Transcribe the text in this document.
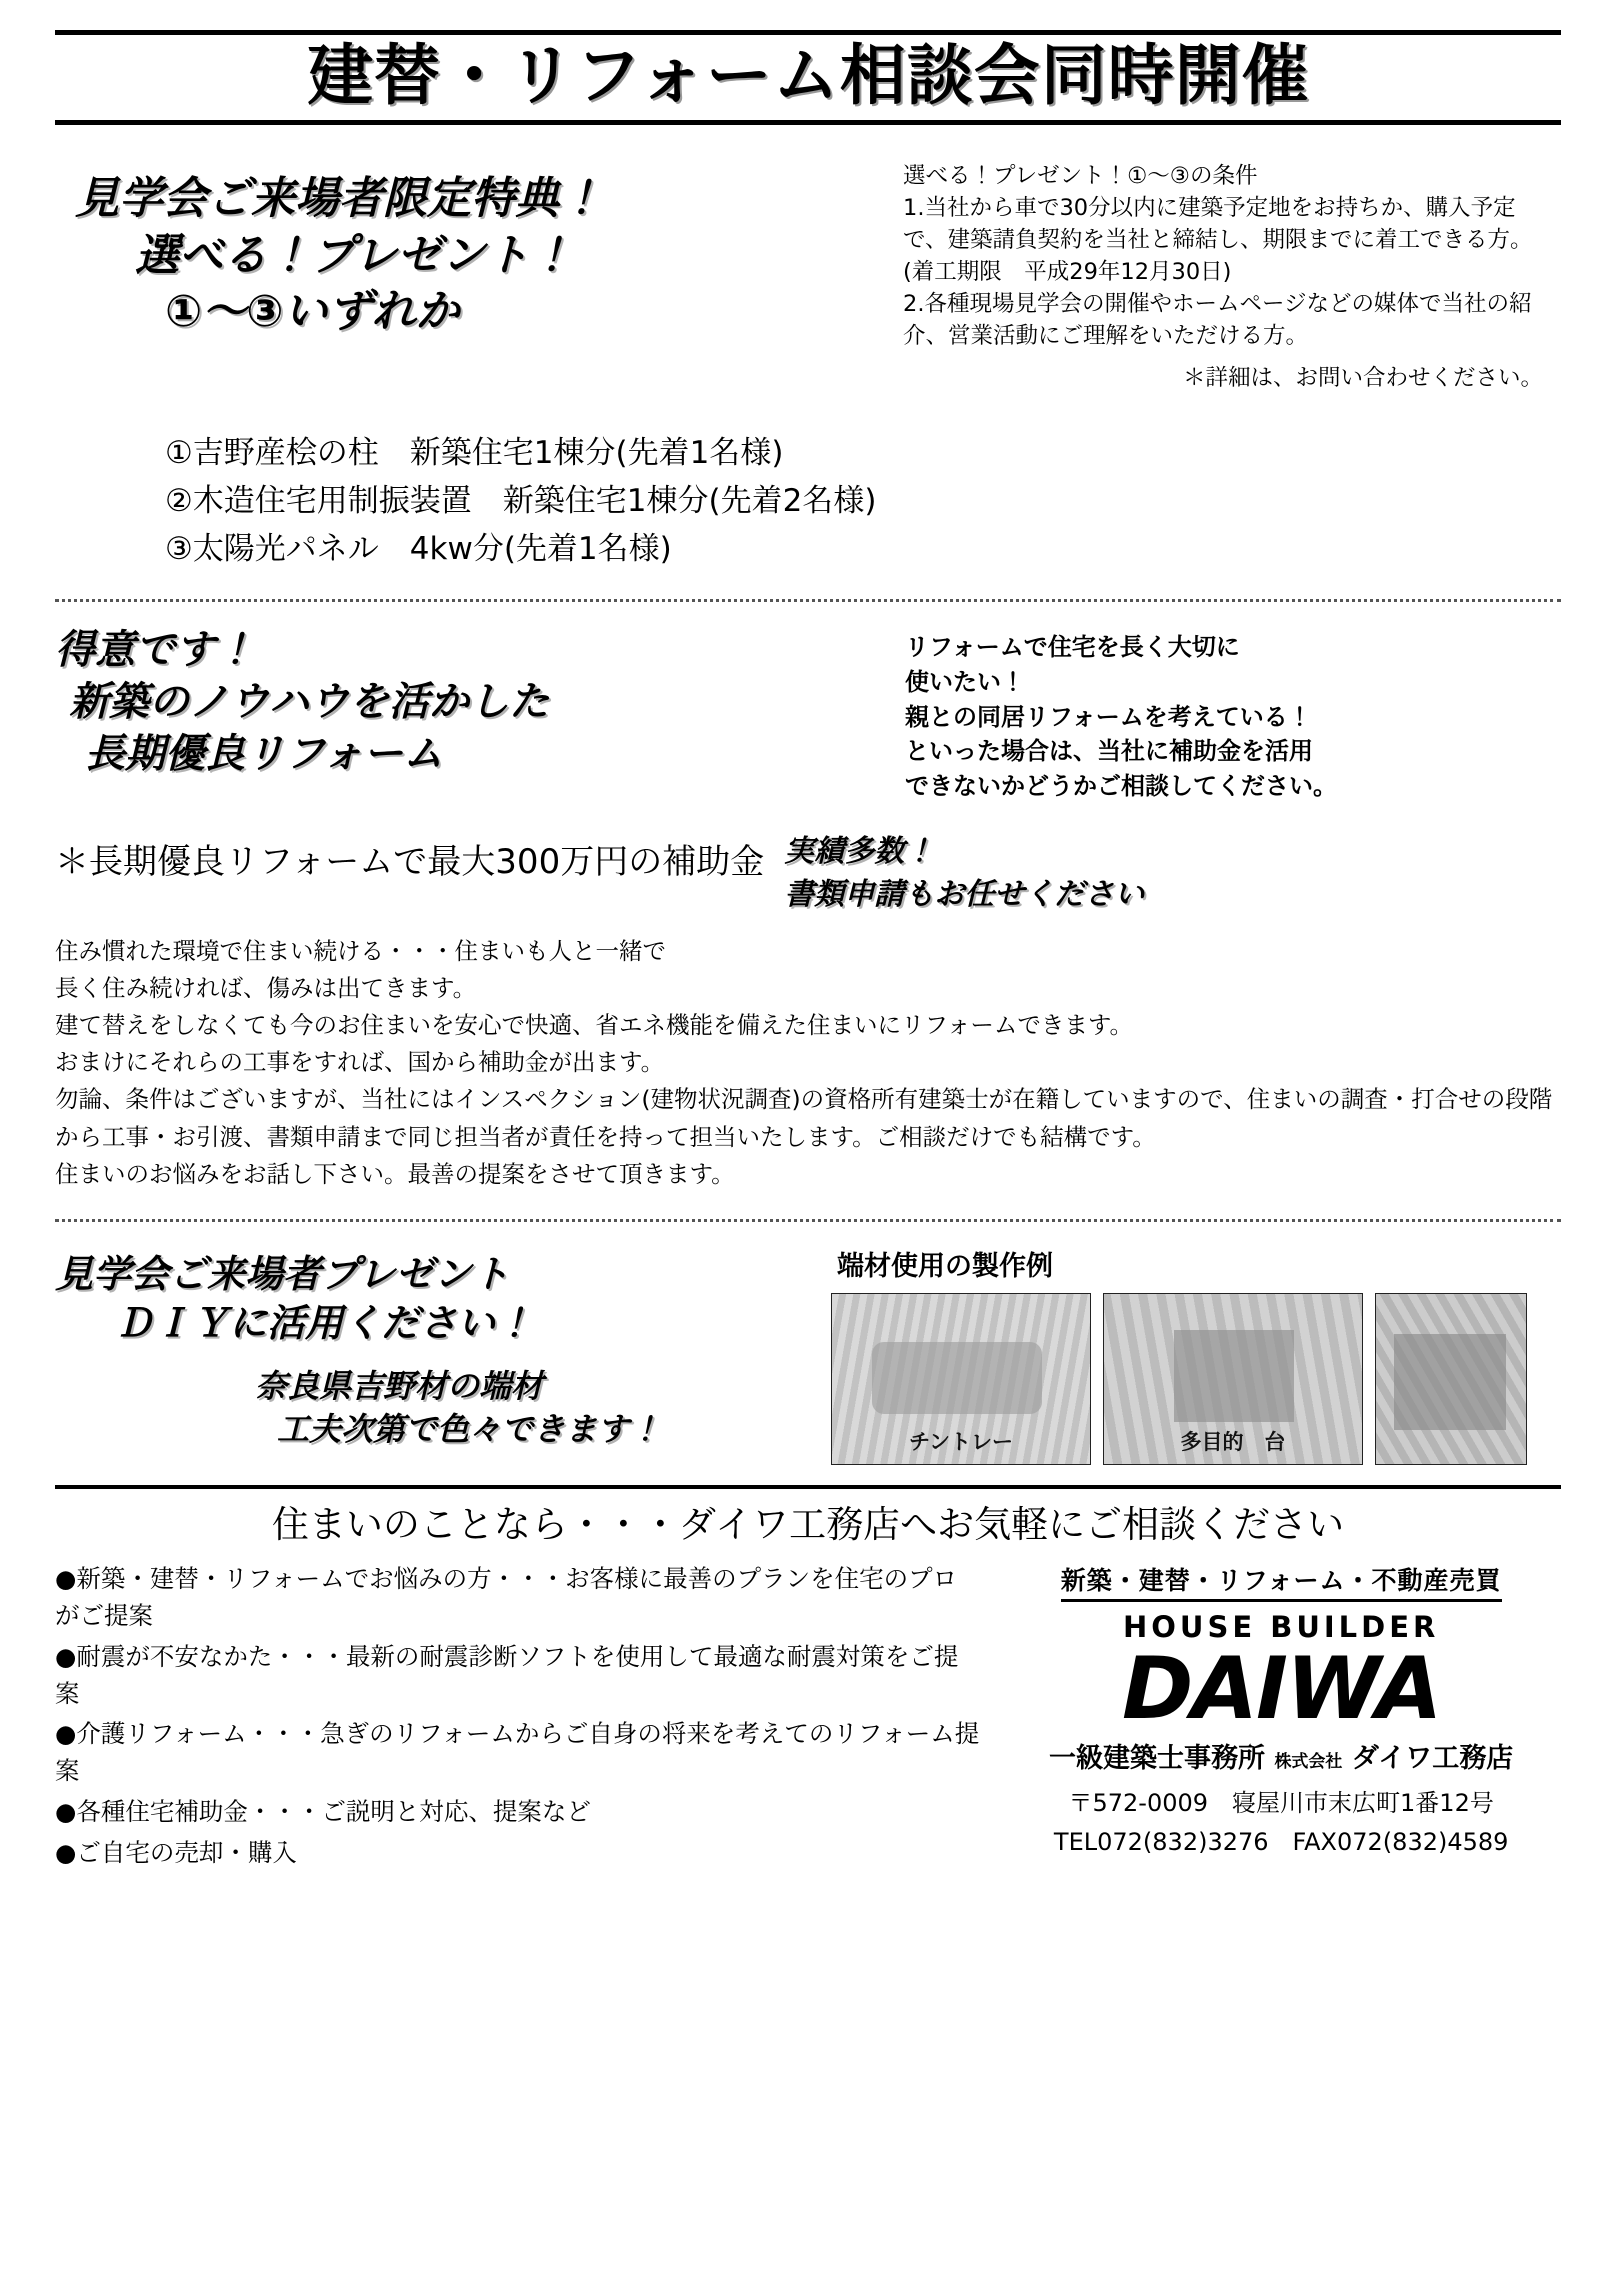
建替・リフォーム相談会同時開催
見学会ご来場者限定特典！
選べる！プレゼント！
①〜③いずれか

選べる！プレゼント！①〜③の条件

1.当社から車で30分以内に建築予定地をお持ちか、購入予定で、建築請負契約を当社と締結し、期限までに着工できる方。(着工期限　平成29年12月30日)

2.各種現場見学会の開催やホームページなどの媒体で当社の紹介、営業活動にご理解をいただける方。

＊詳細は、お問い合わせください。

①吉野産桧の柱　新築住宅1棟分(先着1名様)
②木造住宅用制振装置　新築住宅1棟分(先着2名様)
③太陽光パネル　4kw分(先着1名様)
得意です！
新築のノウハウを活かした
長期優良リフォーム

リフォームで住宅を長く大切に

使いたい！

親との同居リフォームを考えている！

といった場合は、当社に補助金を活用

できないかどうかご相談してください。

＊長期優良リフォームで最大300万円の補助金 実績多数！
書類申請もお任せください

住み慣れた環境で住まい続ける・・・住まいも人と一緒で

長く住み続ければ、傷みは出てきます。

建て替えをしなくても今のお住まいを安心で快適、省エネ機能を備えた住まいにリフォームできます。

おまけにそれらの工事をすれば、国から補助金が出ます。

勿論、条件はございますが、当社にはインスペクション(建物状況調査)の資格所有建築士が在籍していますので、住まいの調査・打合せの段階から工事・お引渡、書類申請まで同じ担当者が責任を持って担当いたします。ご相談だけでも結構です。

住まいのお悩みをお話し下さい。最善の提案をさせて頂きます。

見学会ご来場者プレゼント
ＤＩＹに活用ください！
奈良県吉野材の端材
工夫次第で色々できます！
端材使用の製作例
チントレー	多目的　台
住まいのことなら・・・ダイワ工務店へお気軽にご相談ください

●新築・建替・リフォームでお悩みの方・・・お客様に最善のプランを住宅のプロがご提案

●耐震が不安なかた・・・最新の耐震診断ソフトを使用して最適な耐震対策をご提案

●介護リフォーム・・・急ぎのリフォームからご自身の将来を考えてのリフォーム提案

●各種住宅補助金・・・ご説明と対応、提案など

●ご自宅の売却・購入

新築・建替・リフォーム・不動産売買
HOUSE BUILDER
DAIWA
一級建築士事務所 株式会社 ダイワ工務店
〒572-0009　寝屋川市末広町1番12号
TEL072(832)3276　FAX072(832)4589
